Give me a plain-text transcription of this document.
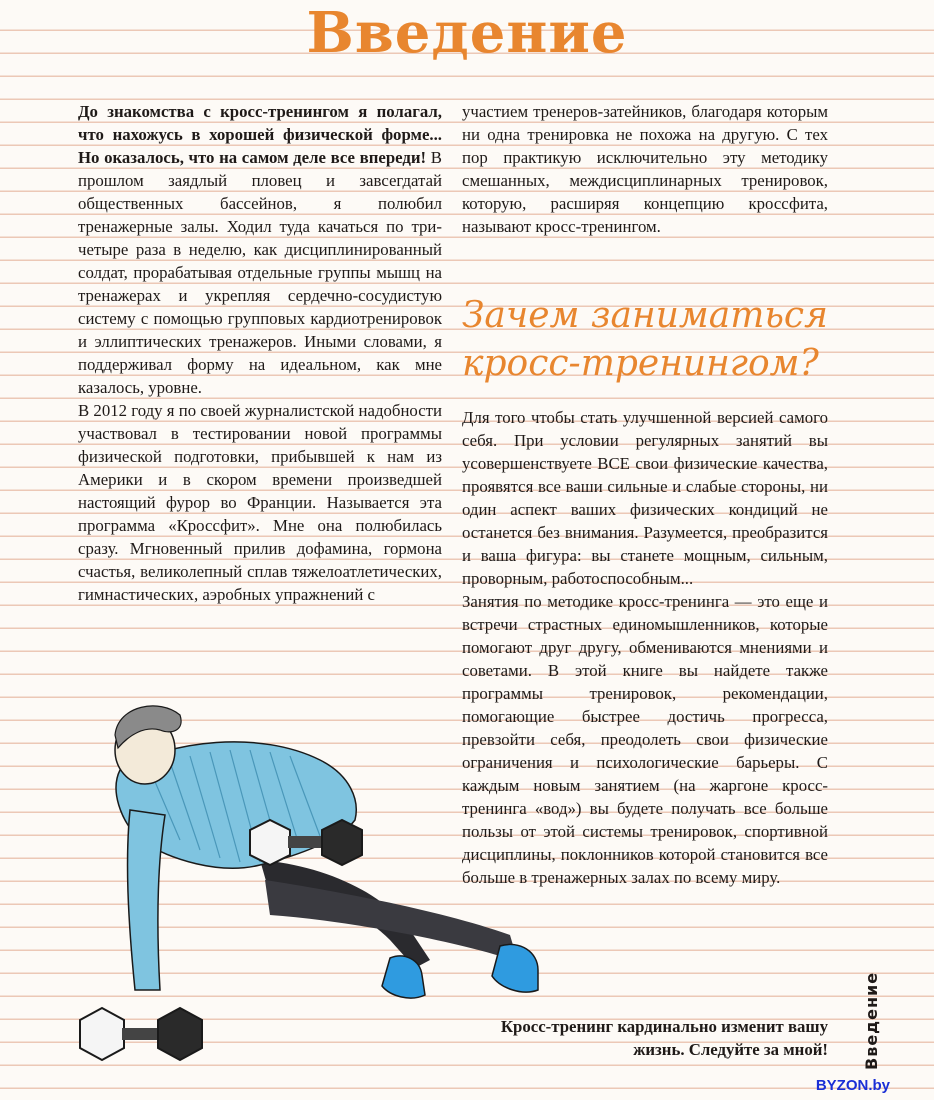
Введение

До знакомства с кросс-тренингом я полагал, что нахожусь в хорошей физической форме... Но оказалось, что на самом деле все впереди! В прошлом заядлый пловец и завсегдатай общественных бассейнов, я полюбил тренажерные залы. Ходил туда качаться по три-четыре раза в неделю, как дисциплинированный солдат, прорабатывая отдельные группы мышц на тренажерах и укрепляя сердечно-сосудистую систему с помощью групповых кардиотренировок и эллиптических тренажеров. Иными словами, я поддерживал форму на идеальном, как мне казалось, уровне.

В 2012 году я по своей журналистской надобности участвовал в тестировании новой программы физической подготовки, прибывшей к нам из Америки и в скором времени произведшей настоящий фурор во Франции. Называется эта программа «Кроссфит». Мне она полюбилась сразу. Мгновенный прилив дофамина, гормона счастья, великолепный сплав тяжелоатлетических, гимнастических, аэробных упражнений с

участием тренеров-затейников, благодаря которым ни одна тренировка не похожа на другую. С тех пор практикую исключительно эту методику смешанных, междисциплинарных тренировок, которую, расширяя концепцию кроссфита, называют кросс-тренингом.

Зачем заниматься кросс-тренингом?

Для того чтобы стать улучшенной версией самого себя. При условии регулярных занятий вы усовершенствуете ВСЕ свои физические качества, проявятся все ваши сильные и слабые стороны, ни один аспект ваших физических кондиций не останется без внимания. Разумеется, преобразится и ваша фигура: вы станете мощным, сильным, проворным, работоспособным...

Занятия по методике кросс-тренинга — это еще и встречи страстных единомышленников, которые помогают друг другу, обмениваются мнениями и советами. В этой книге вы найдете также программы тренировок, рекомендации, помогающие быстрее достичь прогресса, превзойти себя, преодолеть свои физические ограничения и психологические барьеры. С каждым новым занятием (на жаргоне кросс-тренинга «вод») вы будете получать все больше пользы от этой системы тренировок, спортивной дисциплины, поклонников которой становится все больше в тренажерных залах по всему миру.

Кросс-тренинг кардинально изменит вашу жизнь. Следуйте за мной! Введение
BYZON.by
